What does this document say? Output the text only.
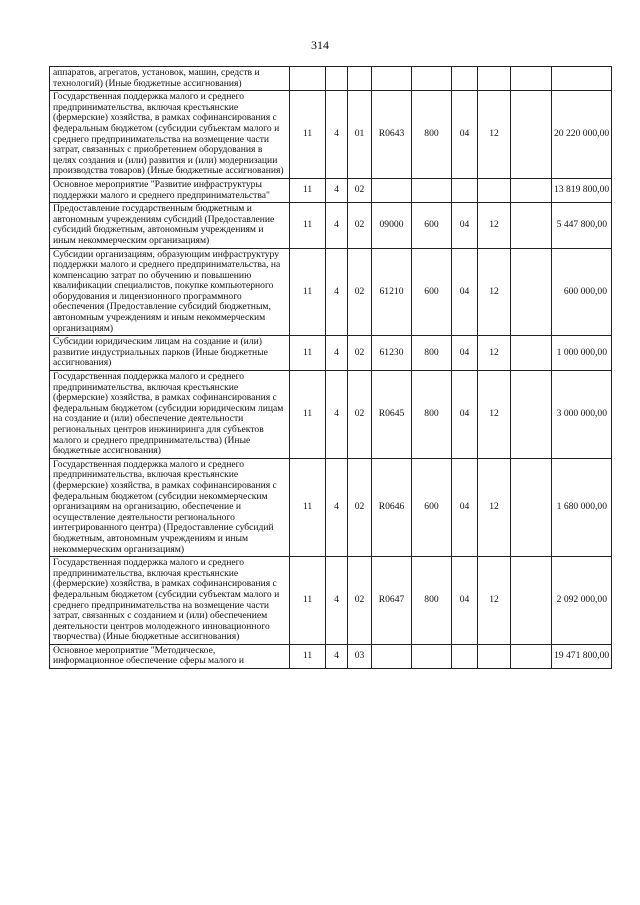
314
аппаратов, агрегатов, установок, машин, средств и технологий) (Иные бюджетные ассигнования)									
Государственная поддержка малого и среднего предпринимательства, включая крестьянские (фермерские) хозяйства, в рамках софинансирования с федеральным бюджетом (субсидии субъектам малого и среднего предпринимательства на возмещение части затрат, связанных с приобретением оборудования в целях создания и (или) развития и (или) модернизации производства товаров) (Иные бюджетные ассигнования)	11	4	01	R0643	800	04	12		20 220 000,00
Основное мероприятие "Развитие инфраструктуры поддержки малого и среднего предпринимательства"	11	4	02						13 819 800,00
Предоставление государственным бюджетным и автономным учреждениям субсидий (Предоставление субсидий бюджетным, автономным учреждениям и иным некоммерческим организациям)	11	4	02	09000	600	04	12		5 447 800,00
Субсидии организациям, образующим инфраструктуру поддержки малого и среднего предпринимательства, на компенсацию затрат по обучению и повышению квалификации специалистов, покупке компьютерного оборудования и лицензионного программного обеспечения (Предоставление субсидий бюджетным, автономным учреждениям и иным некоммерческим организациям)	11	4	02	61210	600	04	12		600 000,00
Субсидии юридическим лицам на создание и (или) развитие индустриальных парков (Иные бюджетные ассигнования)	11	4	02	61230	800	04	12		1 000 000,00
Государственная поддержка малого и среднего предпринимательства, включая крестьянские (фермерские) хозяйства, в рамках софинансирования с федеральным бюджетом (субсидии юридическим лицам на создание и (или) обеспечение деятельности региональных центров инжиниринга для субъектов малого и среднего предпринимательства) (Иные бюджетные ассигнования)	11	4	02	R0645	800	04	12		3 000 000,00
Государственная поддержка малого и среднего предпринимательства, включая крестьянские (фермерские) хозяйства, в рамках софинансирования с федеральным бюджетом (субсидии некоммерческим организациям на организацию, обеспечение и осуществление деятельности регионального интегрированного центра) (Предоставление субсидий бюджетным, автономным учреждениям и иным некоммерческим организациям)	11	4	02	R0646	600	04	12		1 680 000,00
Государственная поддержка малого и среднего предпринимательства, включая крестьянские (фермерские) хозяйства, в рамках софинансирования с федеральным бюджетом (субсидии субъектам малого и среднего предпринимательства на возмещение части затрат, связанных с созданием и (или) обеспечением деятельности центров молодежного инновационного творчества) (Иные бюджетные ассигнования)	11	4	02	R0647	800	04	12		2 092 000,00
Основное мероприятие "Методическое, информационное обеспечение сферы малого и	11	4	03						19 471 800,00
